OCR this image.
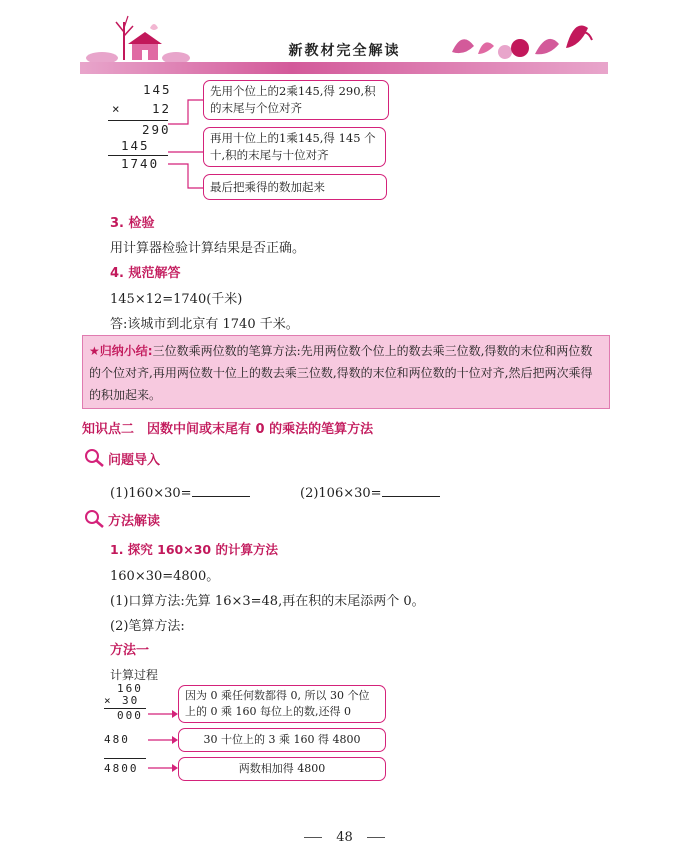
新教材完全解读
145
× 12
290
145
1740
先用个位上的2乘145,得 290,积的末尾与个位对齐
再用十位上的1乘145,得 145 个十,积的末尾与十位对齐
最后把乘得的数加起来
3. 检验
用计算器检验计算结果是否正确。
4. 规范解答
145×12=1740(千米)
答:该城市到北京有 1740 千米。
★归纳小结:三位数乘两位数的笔算方法:先用两位数个位上的数去乘三位数,得数的末位和两位数的个位对齐,再用两位数十位上的数去乘三位数,得数的末位和两位数的十位对齐,然后把两次乘得的积加起来。
知识点二　因数中间或末尾有 0 的乘法的笔算方法
问题导入
(1)160×30=	(2)106×30=
方法解读
1. 探究 160×30 的计算方法
160×30=4800。
(1)口算方法:先算 16×3=48,再在积的末尾添两个 0。
(2)笔算方法:
方法一
计算过程
160
× 30
000
480
4800
因为 0 乘任何数都得 0, 所以 30 个位上的 0 乘 160 每位上的数,还得 0
30 十位上的 3 乘 160 得 4800
两数相加得 4800
48
